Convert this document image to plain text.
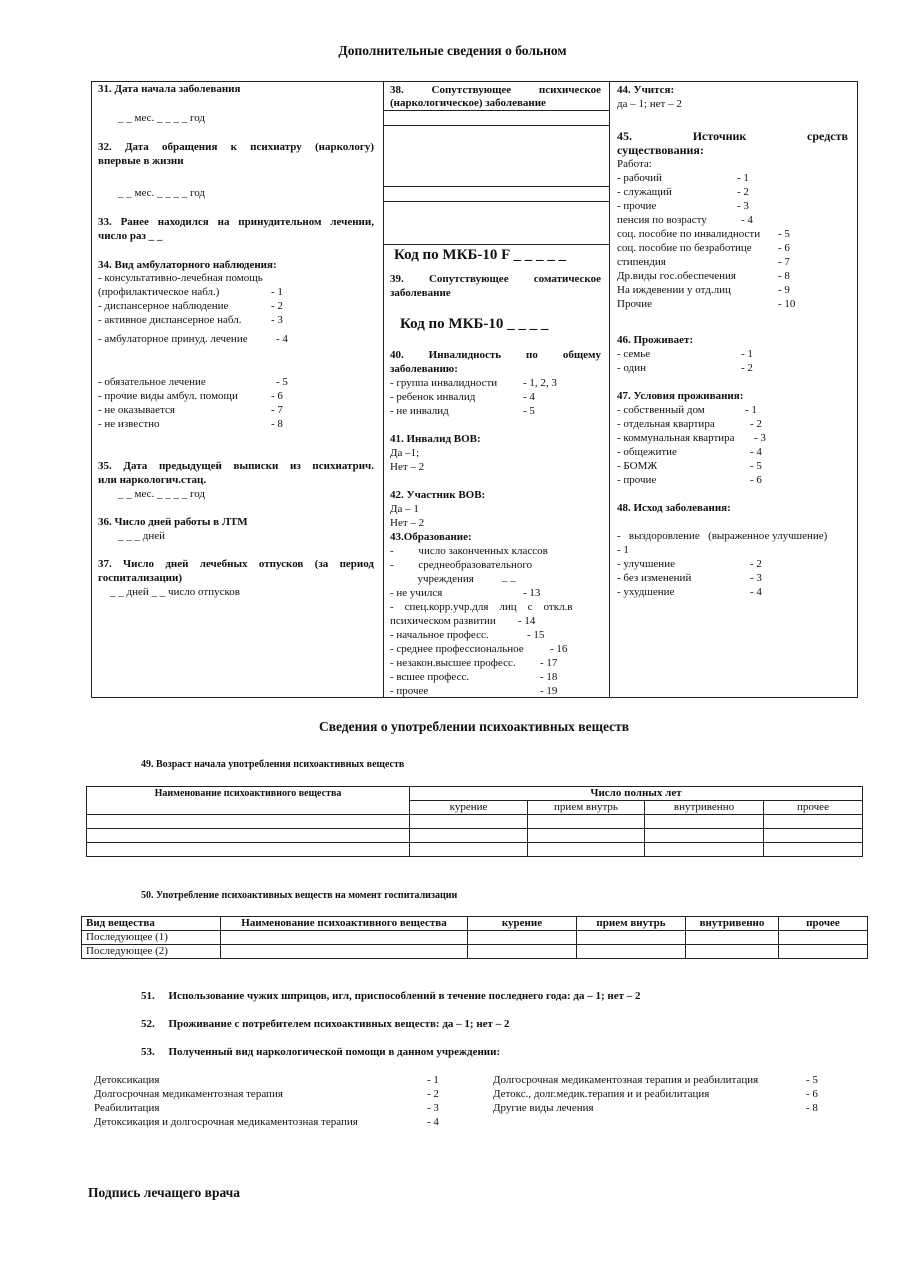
Дополнительные сведения о больном
31. Дата начала заболевания
_ _ мес. _ _ _ _ год
32. Дата обращения к психиатру (наркологу)
впервые в жизни
_ _ мес. _ _ _ _ год
33. Ранее находился на принудительном лечении,
число раз _ _
34. Вид амбулаторного наблюдения:
- консультативно-лечебная помощь
(профилактическое набл.)	- 1
- диспансерное наблюдение	- 2
- активное диспансерное набл.	- 3
- амбулаторное принуд. лечение	- 4
- обязательное лечение	- 5
- прочие виды амбул. помощи	- 6
- не оказывается	- 7
- не известно	- 8
35. Дата предыдущей выписки из психиатрич.
или наркологич.стац.
_ _ мес. _ _ _ _ год
36. Число дней работы в ЛТМ
_ _ _ дней
37. Число дней лечебных отпусков (за период
госпитализации)
_ _ дней _ _ число отпусков
38. Сопутствующее психическое
(наркологическое) заболевание
Код по МКБ-10 F _ _ _ _ _
39. Сопутствующее соматическое
заболевание
Код по МКБ-10 _ _ _ _
40. Инвалидность по общему
заболеванию:
- группа инвалидности - 1, 2, 3
- ребенок инвалид	- 4
- не инвалид	- 5
41. Инвалид ВОВ:
Да –1;
Нет – 2
42. Участник ВОВ:
Да – 1
Нет – 2
43.Образование:
-         число законченных классов
-         среднеобразовательного
учреждения	_ _
- не учился	- 13
-    спец.корр.учр.для    лиц    с    откл.в
психическом развитии - 14
- начальное професс.	- 15
- среднее профессиональное - 16
- незакон.высшее професс. - 17
- всшее професс.	- 18
- прочее	- 19
44. Учится:
да – 1; нет – 2
45. Источник средств
существования:
Работа:
- рабочий	- 1
- служащий	- 2
- прочие	- 3
пенсия по возрасту	- 4
соц. пособие по инвалидности - 5
соц. пособие по безработице - 6
стипендия	- 7
Др.виды гос.обеспечения	- 8
На иждевении у отд.лиц	- 9
Прочие	- 10
46. Проживает:
- семье	- 1
- один	- 2
47. Условия проживания:
- собственный дом	- 1
- отдельная квартира	- 2
- коммунальная квартира - 3
- общежитие	- 4
- БОМЖ	- 5
- прочие	- 6
48. Исход заболевания:
-   выздоровление   (выраженное улучшение)
- 1
- улучшение	- 2
- без изменений	- 3
- ухудшение	- 4
Сведения о употреблении психоактивных веществ
49. Возраст начала употребления психоактивных веществ
Наименование психоактивного вещества	Число полных лет			
	курение	прием внутрь	внутривенно	прочее

50. Употребление психоактивных веществ на момент госпитализации
Вид вещества	Наименование психоактивного вещества	курение	прием внутрь	внутривенно	прочее
Последующее (1)					
Последующее (2)					
51.     Использование чужих шприцов, игл, приспособлений в течение последнего года: да – 1; нет – 2
52.     Проживание с потребителем психоактивных веществ: да – 1; нет – 2
53.     Полученный вид наркологической помощи в данном учреждении:
Детоксикация	- 1
Долгосрочная медикаментозная терапия	- 2
Реабилитация	- 3
Детоксикация и долгосрочная медикаментозная терапия	- 4
Долгосрочная медикаментозная терапия и реабилитация	- 5
Детокс., долг.медик.терапия и и реабилитация	- 6
Другие виды лечения	- 8
Подпись лечащего врача
